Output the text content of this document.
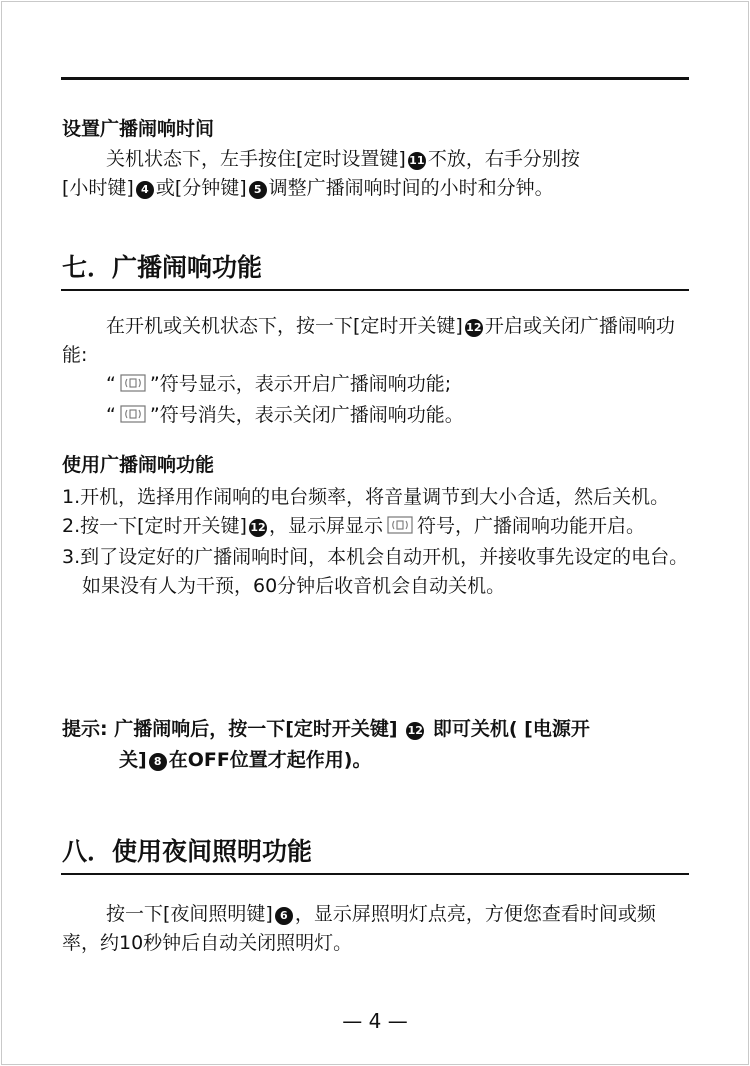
设置广播闹响时间
关机状态下，左手按住[定时设置键] 11 不放，右手分别按
[小时键] 4 或[分钟键] 5 调整广播闹响时间的小时和分钟。
七．广播闹响功能
在开机或关机状态下，按一下[定时开关键] 12 开启或关闭广播闹响功能:
“ ”符号显示，表示开启广播闹响功能;
“ ”符号消失，表示关闭广播闹响功能。
使用广播闹响功能
1.开机，选择用作闹响的电台频率，将音量调节到大小合适，然后关机。
2.按一下[定时开关键] 12 ，显示屏显示 符号，广播闹响功能开启。
3.到了设定好的广播闹响时间，本机会自动开机，并接收事先设定的电台。如果没有人为干预，60分钟后收音机会自动关机。
提示: 广播闹响后，按一下[定时开关键] 12 即可关机( [电源开
关] 8 在OFF位置才起作用)。
八．使用夜间照明功能
按一下[夜间照明键] 6 ，显示屏照明灯点亮，方便您查看时间或频率，约10秒钟后自动关闭照明灯。
— 4 —
